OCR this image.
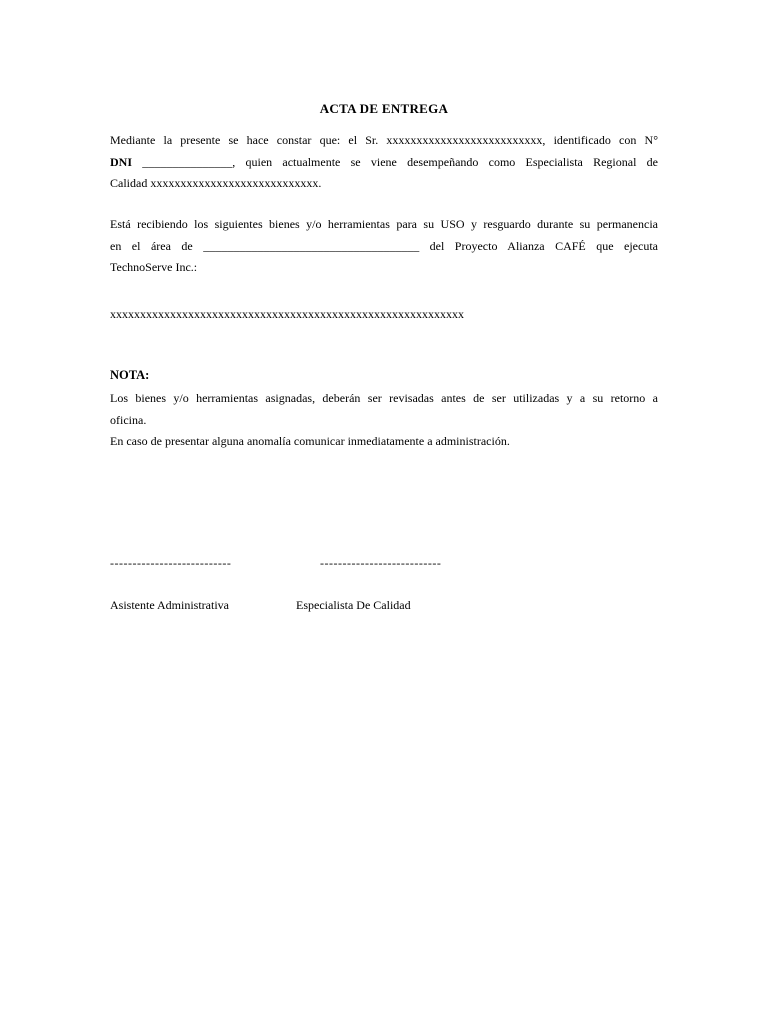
ACTA DE ENTREGA
Mediante la presente se hace constar que: el Sr. xxxxxxxxxxxxxxxxxxxxxxxxxx, identificado con N°
DNI _______________, quien actualmente se viene desempeñando como Especialista Regional de
Calidad xxxxxxxxxxxxxxxxxxxxxxxxxxxx.
Está recibiendo los siguientes bienes y/o herramientas para su USO y resguardo durante su permanencia
en el área de ____________________________________ del Proyecto Alianza CAFÉ que ejecuta
TechnoServe Inc.:
xxxxxxxxxxxxxxxxxxxxxxxxxxxxxxxxxxxxxxxxxxxxxxxxxxxxxxxxxxx
NOTA:
Los bienes y/o herramientas asignadas, deberán ser revisadas antes de ser utilizadas y a su retorno a
oficina.
En caso de presentar alguna anomalía comunicar inmediatamente a administración.
---------------------------	---------------------------
Asistente Administrativa	Especialista De Calidad
